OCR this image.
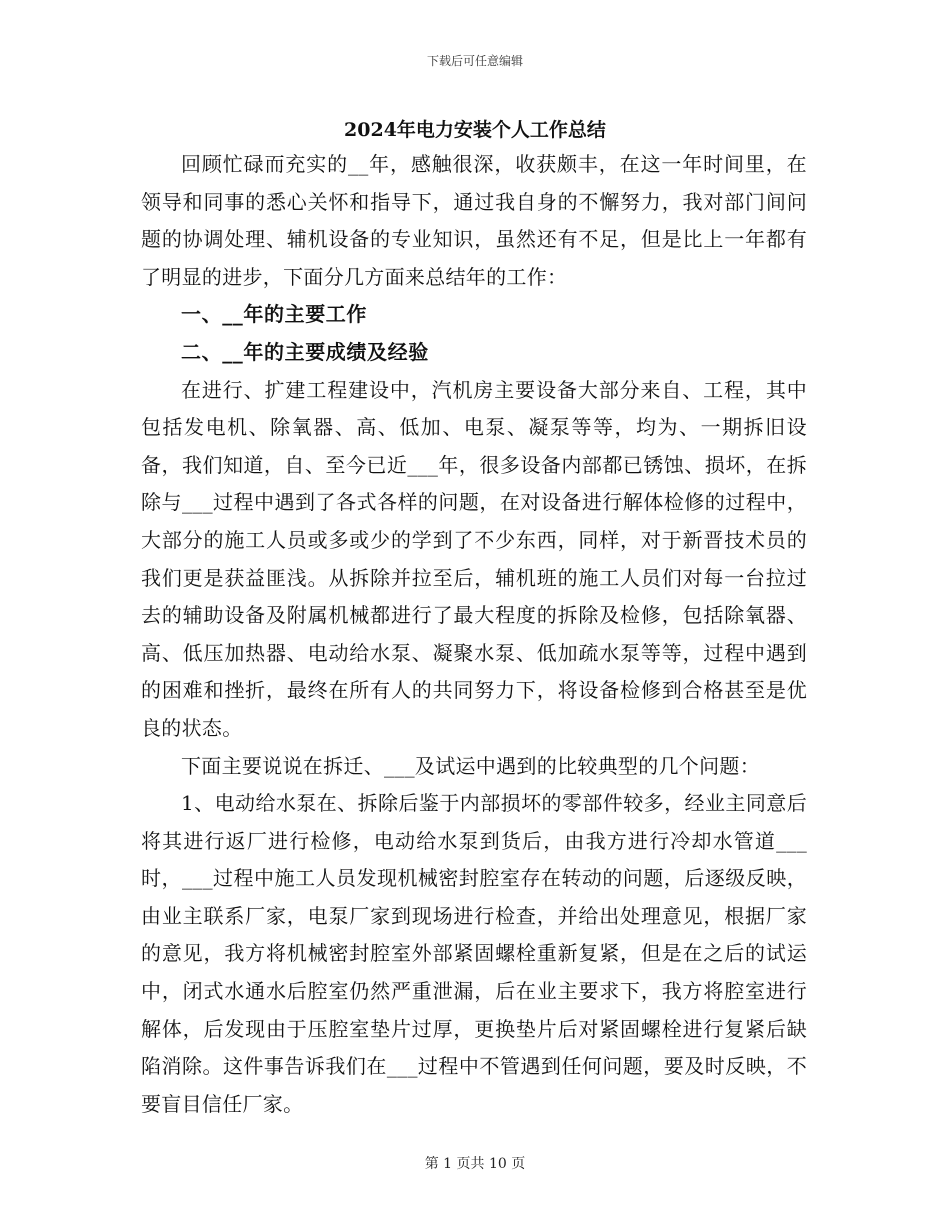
下载后可任意编辑
2024年电力安装个人工作总结

回顾忙碌而充实的__年，感触很深，收获颇丰，在这一年时间里，在领导和同事的悉心关怀和指导下，通过我自身的不懈努力，我对部门间问题的协调处理、辅机设备的专业知识，虽然还有不足，但是比上一年都有了明显的进步，下面分几方面来总结年的工作：

一、__年的主要工作

二、__年的主要成绩及经验

在进行、扩建工程建设中，汽机房主要设备大部分来自、工程，其中包括发电机、除氧器、高、低加、电泵、凝泵等等，均为、一期拆旧设备，我们知道，自、至今已近___年，很多设备内部都已锈蚀、损坏，在拆除与___过程中遇到了各式各样的问题，在对设备进行解体检修的过程中，大部分的施工人员或多或少的学到了不少东西，同样，对于新晋技术员的我们更是获益匪浅。从拆除并拉至后，辅机班的施工人员们对每一台拉过去的辅助设备及附属机械都进行了最大程度的拆除及检修，包括除氧器、高、低压加热器、电动给水泵、凝聚水泵、低加疏水泵等等，过程中遇到的困难和挫折，最终在所有人的共同努力下，将设备检修到合格甚至是优良的状态。

下面主要说说在拆迁、___及试运中遇到的比较典型的几个问题：

1、电动给水泵在、拆除后鉴于内部损坏的零部件较多，经业主同意后将其进行返厂进行检修，电动给水泵到货后，由我方进行冷却水管道___时，___过程中施工人员发现机械密封腔室存在转动的问题，后逐级反映，由业主联系厂家，电泵厂家到现场进行检查，并给出处理意见，根据厂家的意见，我方将机械密封腔室外部紧固螺栓重新复紧，但是在之后的试运中，闭式水通水后腔室仍然严重泄漏，后在业主要求下，我方将腔室进行解体，后发现由于压腔室垫片过厚，更换垫片后对紧固螺栓进行复紧后缺陷消除。这件事告诉我们在___过程中不管遇到任何问题，要及时反映，不要盲目信任厂家。

第 1 页共 10 页
